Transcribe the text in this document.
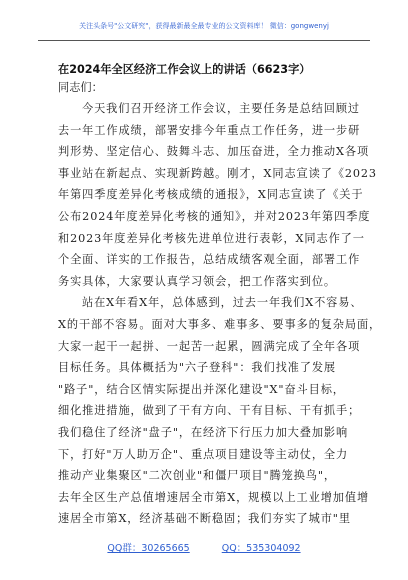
关注头条号"公文研究"，获得最新最全最专业的公文资料库！ 微信：gongwenyj
在2024年全区经济工作会议上的讲话（6623字）
同志们：
今天我们召开经济工作会议，主要任务是总结回顾过
去一年工作成绩，部署安排今年重点工作任务，进一步研
判形势、坚定信心、鼓舞斗志、加压奋进，全力推动X各项
事业站在新起点、实现新跨越。刚才，X同志宣读了《2023
年第四季度差异化考核成绩的通报》，X同志宣读了《关于
公布2024年度差异化考核的通知》，并对2023年第四季度
和2023年度差异化考核先进单位进行表彰，X同志作了一
个全面、详实的工作报告，总结成绩客观全面，部署工作
务实具体，大家要认真学习领会，把工作落实到位。
站在X年看X年，总体感到，过去一年我们X不容易、
X的干部不容易。面对大事多、难事多、要事多的复杂局面，
大家一起干一起拼、一起苦一起累，圆满完成了全年各项
目标任务。具体概括为"六子登科"：我们找准了发展
"路子"，结合区情实际提出并深化建设"X"奋斗目标，
细化推进措施，做到了干有方向、干有目标、干有抓手；
我们稳住了经济"盘子"，在经济下行压力加大叠加影响
下，打好"万人助万企"、重点项目建设等主动仗，全力
推动产业集聚区"二次创业"和僵尸项目"腾笼换鸟"，
去年全区生产总值增速居全市第X，规模以上工业增加值增
速居全市第X，经济基础不断稳固；我们夯实了城市"里
QQ群：30265665	QQ：535304092
